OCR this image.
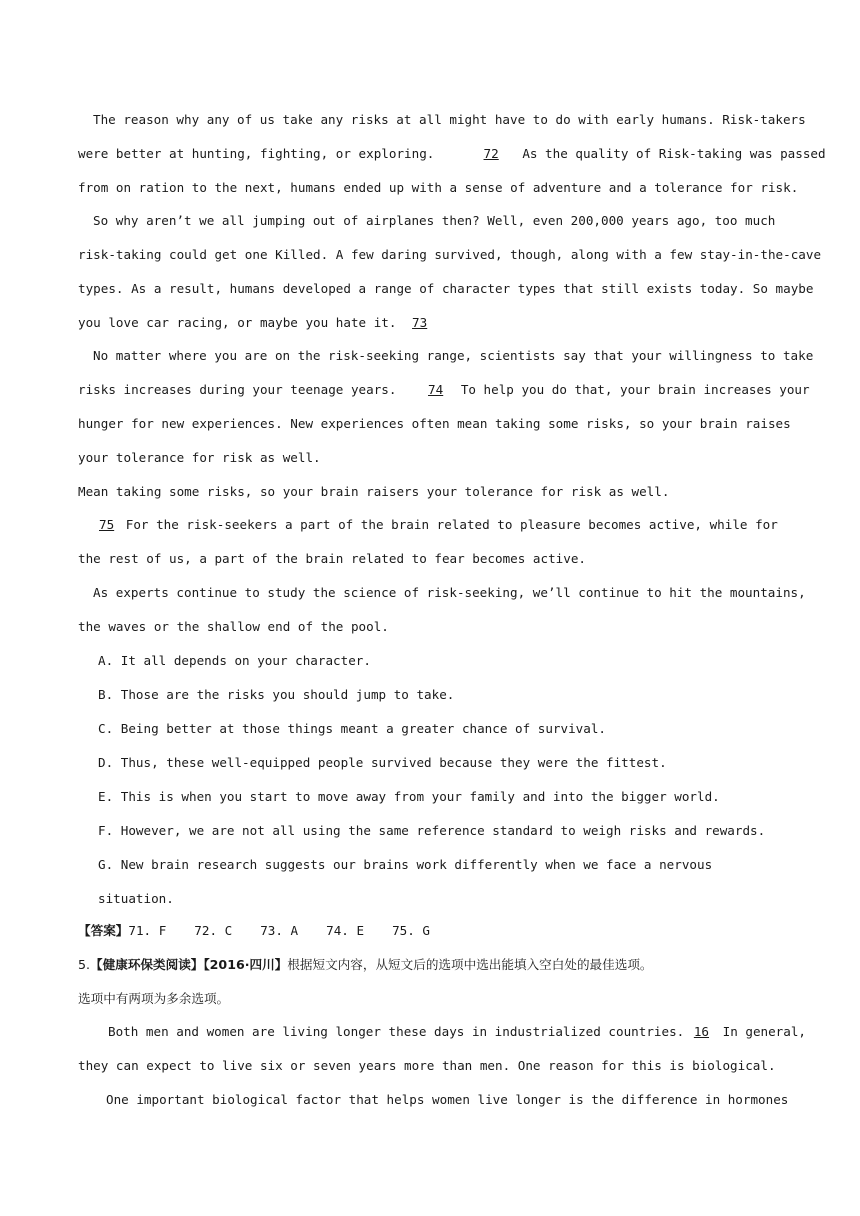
The reason why any of us take any risks at all might have to do with early humans. Risk-takers
were better at hunting, fighting, or exploring.	72 As the quality of Risk-taking was passed
from on ration to the next, humans ended up with a sense of adventure and a tolerance for risk.
So why aren’t we all jumping out of airplanes then? Well, even 200,000 years ago, too much
risk-taking could get one Killed. A few daring survived, though, along with a few stay-in-the-cave
types. As a result, humans developed a range of character types that still exists today. So maybe
you love car racing, or maybe you hate it. 73
No matter where you are on the risk-seeking range, scientists say that your willingness to take
risks increases during your teenage years.	74 To help you do that, your brain increases your
hunger for new experiences. New experiences often mean taking some risks, so your brain raises
your tolerance for risk as well.
Mean taking some risks, so your brain raisers your tolerance for risk as well.
75 For the risk-seekers a part of the brain related to pleasure becomes active, while for
the rest of us, a part of the brain related to fear becomes active.
As experts continue to study the science of risk-seeking, we’ll continue to hit the mountains,
the waves or the shallow end of the pool.
A. It all depends on your character.
B. Those are the risks you should jump to take.
C. Being better at those things meant a greater chance of survival.
D. Thus, these well-equipped people survived because they were the fittest.
E. This is when you start to move away from your family and into the bigger world.
F. However, we are not all using the same reference standard to weigh risks and rewards.
G. New brain research suggests our brains work differently when we face a nervous situation.
【答案】71. F 72. C 73. A 74. E 75. G
5.【健康环保类阅读】【2016·四川】根据短文内容，从短文后的选项中选出能填入空白处的最佳选项。
选项中有两项为多余选项。
Both men and women are living longer these days in industrialized countries. 16 In general,
they can expect to live six or seven years more than men. One reason for this is biological.
One important biological factor that helps women live longer is the difference in hormones
